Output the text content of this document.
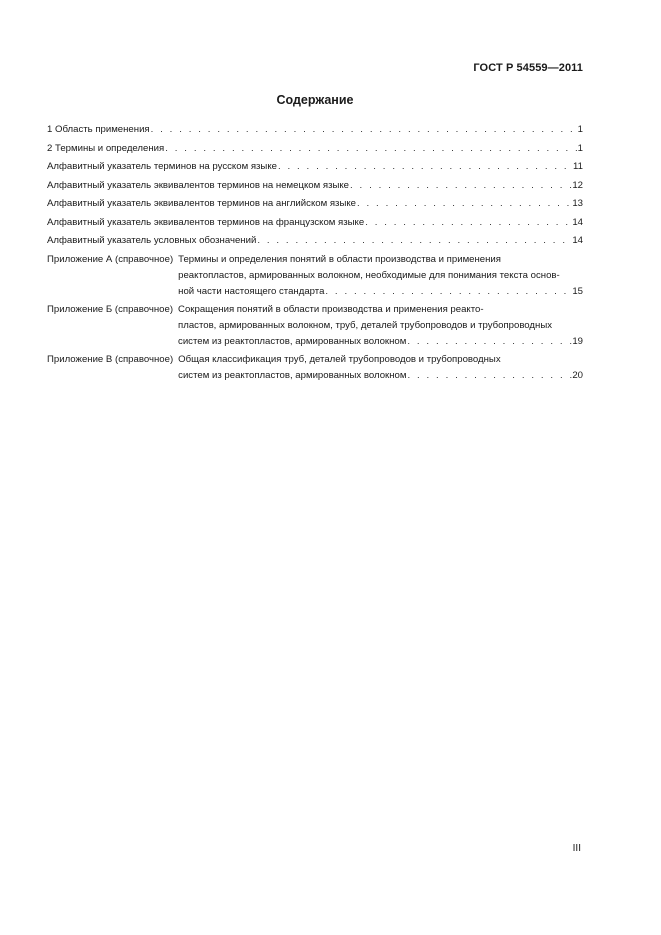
ГОСТ Р 54559—2011
Содержание
1 Область применения . . .	1
2 Термины и определения . . .	1
Алфавитный указатель терминов на русском языке . . .	11
Алфавитный указатель эквивалентов терминов на немецком языке . . .	12
Алфавитный указатель эквивалентов терминов на английском языке . . .	13
Алфавитный указатель эквивалентов терминов на французском языке . . .	14
Алфавитный указатель условных обозначений . . .	14
Приложение А (справочное) Термины и определения понятий в области производства и применения
реактопластов, армированных волокном, необходимые для понимания текста основ-
ной части настоящего стандарта . . .	15
Приложение Б (справочное) Сокращения понятий в области производства и применения реакто-
пластов, армированных волокном, труб, деталей трубопроводов и трубопроводных
систем из реактопластов, армированных волокном . . .	19
Приложение В (справочное) Общая классификация труб, деталей трубопроводов и трубопроводных
систем из реактопластов, армированных волокном . . .	20
III
